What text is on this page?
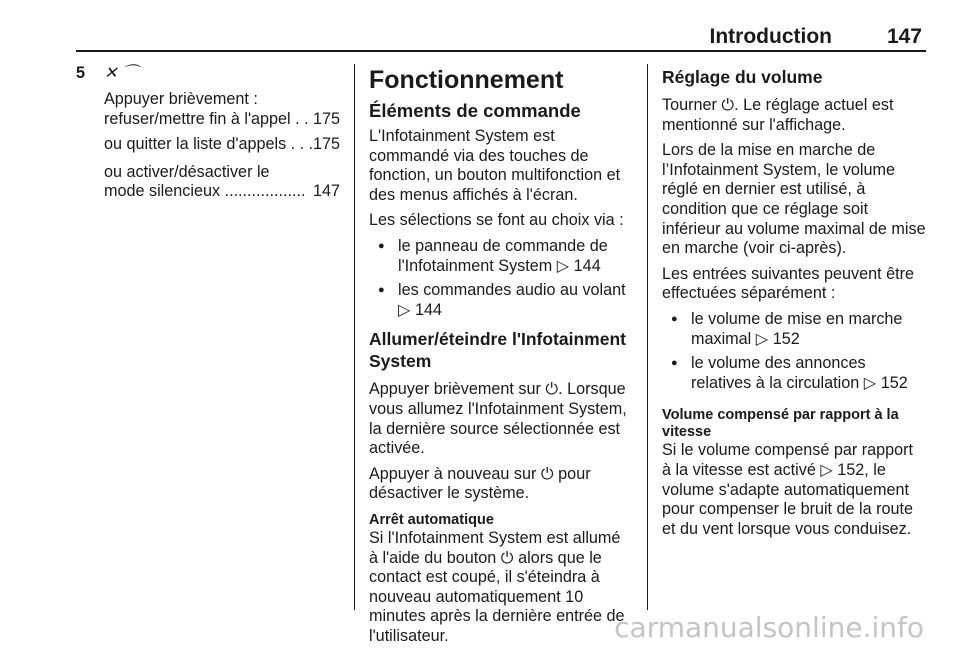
Introduction	147
5 ✕ ⌒
Appuyer brièvement :
refuser/mettre fin à l'appel . . 175
ou quitter la liste d'appels . . . 175
ou activer/désactiver le
mode silencieux .................. 147
Fonctionnement
Éléments de commande

L'Infotainment System est commandé via des touches de fonction, un bouton multifonction et des menus affichés à l'écran.

Les sélections se font au choix via :

● le panneau de commande de l'Infotainment System ▷ 144
● les commandes audio au volant ▷ 144
Allumer/éteindre l'Infotainment System

Appuyer brièvement sur ⏻. Lorsque vous allumez l'Infotainment System, la dernière source sélectionnée est activée.

Appuyer à nouveau sur ⏻ pour désactiver le système.

Arrêt automatique

Si l'Infotainment System est allumé à l'aide du bouton ⏻ alors que le contact est coupé, il s'éteindra à nouveau automatiquement 10 minutes après la dernière entrée de l'utilisateur.

Réglage du volume

Tourner ⏻. Le réglage actuel est mentionné sur l'affichage.

Lors de la mise en marche de l’Infotainment System, le volume réglé en dernier est utilisé, à condition que ce réglage soit inférieur au volume maximal de mise en marche (voir ci-après).

Les entrées suivantes peuvent être effectuées séparément :

● le volume de mise en marche maximal ▷ 152
● le volume des annonces relatives à la circulation ▷ 152
Volume compensé par rapport à la vitesse

Si le volume compensé par rapport à la vitesse est activé ▷ 152, le volume s'adapte automatiquement pour compenser le bruit de la route et du vent lorsque vous conduisez.

carmanualsonline.info
